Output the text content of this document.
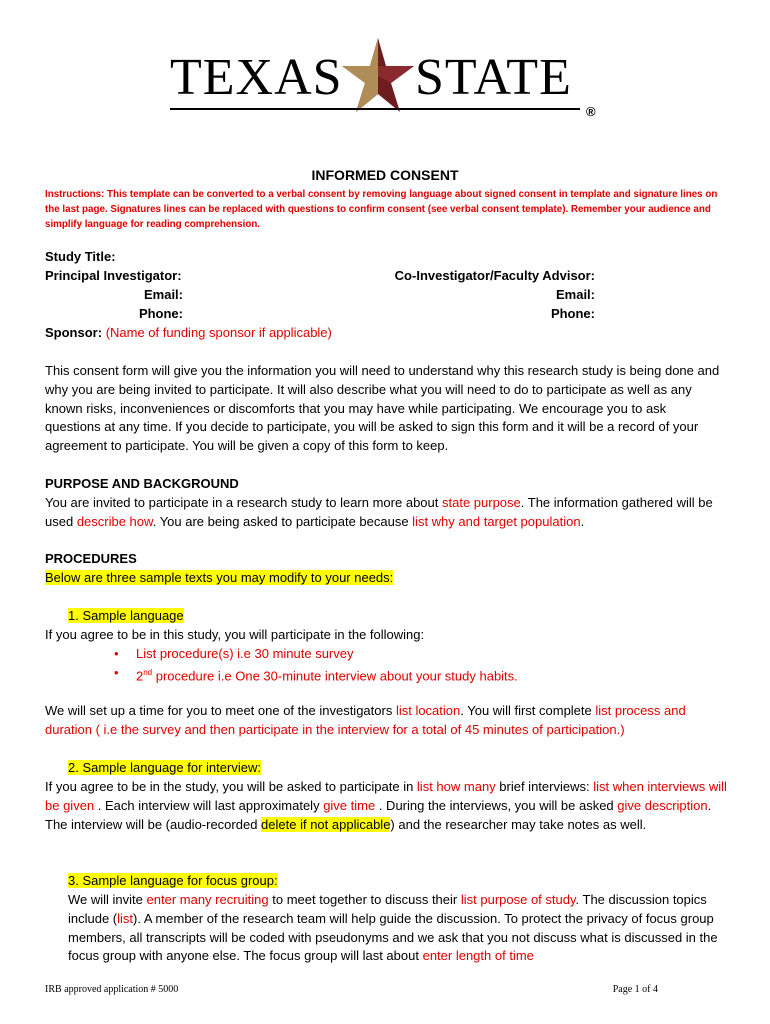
TEXAS STATE
®
INFORMED CONSENT
Instructions: This template can be converted to a verbal consent by removing language about signed consent in template and signature lines on the last page. Signatures lines can be replaced with questions to confirm consent (see verbal consent template). Remember your audience and simplify language for reading comprehension.
Study Title:
Principal Investigator:
Email:
Phone:
Co-Investigator/Faculty Advisor:
Email:
Phone:
Sponsor: (Name of funding sponsor if applicable)
This consent form will give you the information you will need to understand why this research study is being done and why you are being invited to participate. It will also describe what you will need to do to participate as well as any known risks, inconveniences or discomforts that you may have while participating. We encourage you to ask questions at any time. If you decide to participate, you will be asked to sign this form and it will be a record of your agreement to participate. You will be given a copy of this form to keep.
PURPOSE AND BACKGROUND
You are invited to participate in a research study to learn more about state purpose. The information gathered will be used describe how. You are being asked to participate because list why and target population.
PROCEDURES
Below are three sample texts you may modify to your needs:
1. Sample language
If you agree to be in this study, you will participate in the following:
• List procedure(s) i.e 30 minute survey
• 2nd procedure i.e One 30-minute interview about your study habits.
We will set up a time for you to meet one of the investigators list location. You will first complete list process and duration ( i.e the survey and then participate in the interview for a total of 45 minutes of participation.)
2. Sample language for interview:
If you agree to be in the study, you will be asked to participate in list how many brief interviews: list when interviews will be given . Each interview will last approximately give time . During the interviews, you will be asked give description. The interview will be (audio-recorded delete if not applicable) and the researcher may take notes as well.
3. Sample language for focus group:
We will invite enter many recruiting to meet together to discuss their list purpose of study. The discussion topics include (list). A member of the research team will help guide the discussion. To protect the privacy of focus group members, all transcripts will be coded with pseudonyms and we ask that you not discuss what is discussed in the focus group with anyone else. The focus group will last about enter length of time
IRB approved application # 5000	Page 1 of 4
